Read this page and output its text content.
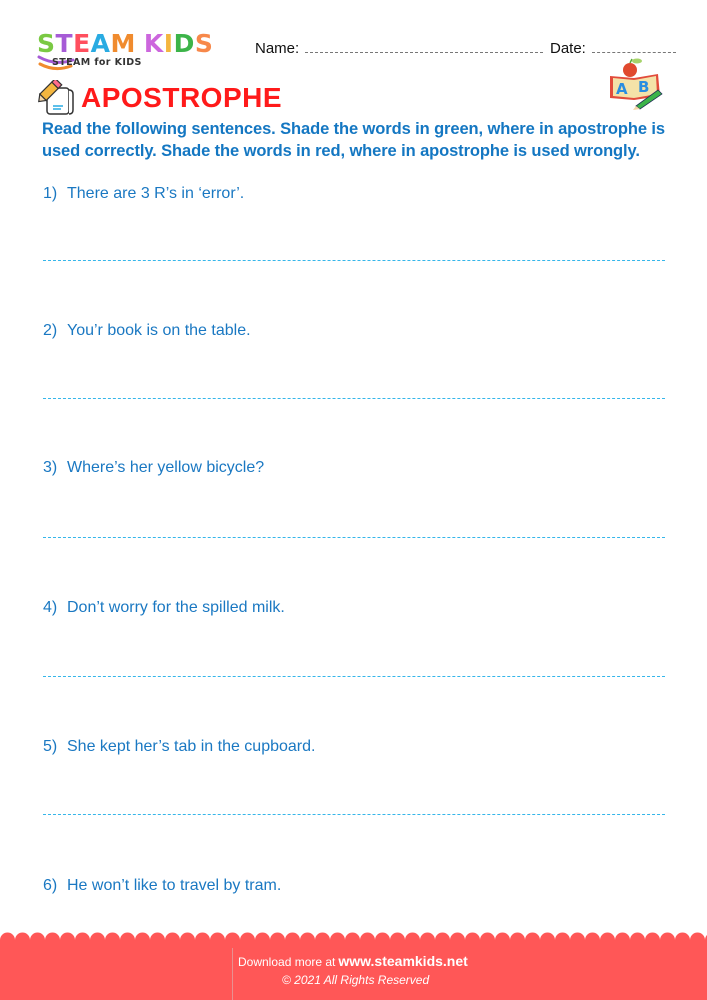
STEAM KIDS
STEAM for KIDS
Name:	Date:
APOSTROPHE	A B
Read the following sentences. Shade the words in green, where in apostrophe is used correctly. Shade the words in red, where in apostrophe is used wrongly.
1) There are 3 R’s in ‘error’.
2) You’r book is on the table.
3) Where’s her yellow bicycle?
4) Don’t worry for the spilled milk.
5) She kept her’s tab in the cupboard.
6) He won’t like to travel by tram.
Download more at www.steamkids.net
© 2021 All Rights Reserved
